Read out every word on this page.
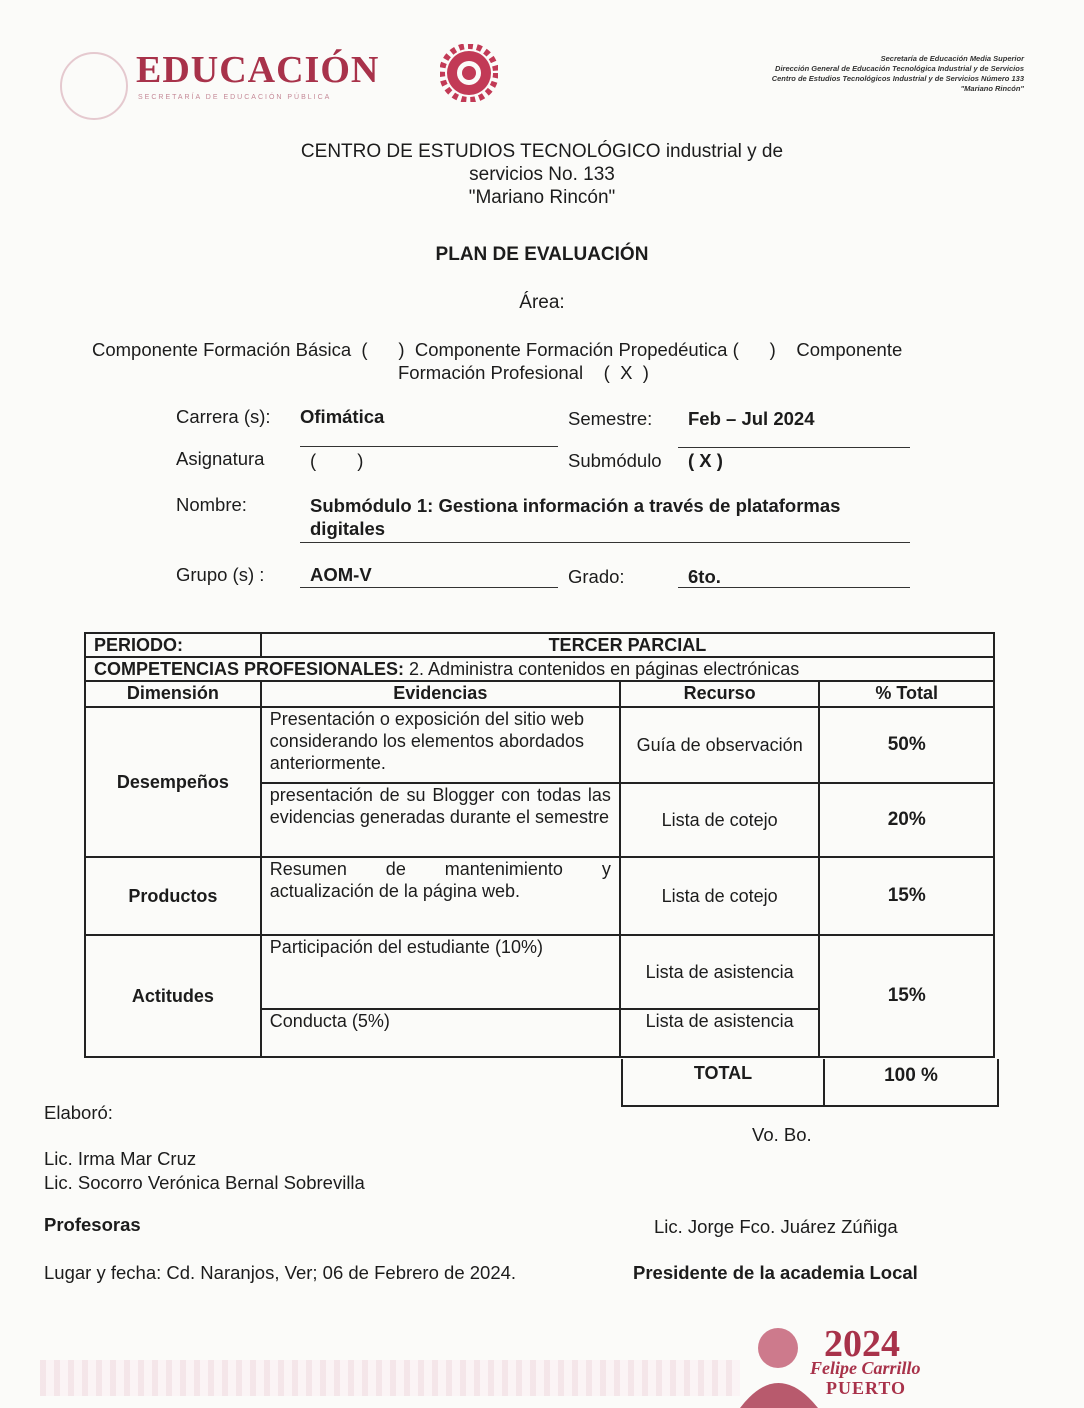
EDUCACIÓN
SECRETARÍA DE EDUCACIÓN PÚBLICA
Secretaría de Educación Media Superior
Dirección General de Educación Tecnológica Industrial y de Servicios
Centro de Estudios Tecnológicos Industrial y de Servicios Número 133
"Mariano Rincón"
CENTRO DE ESTUDIOS TECNOLÓGICO industrial y de
servicios No. 133
"Mariano Rincón"
PLAN DE EVALUACIÓN
Área:
Componente Formación Básica  (      )  Componente Formación Propedéutica (      )    Componente
Formación Profesional    (  X  )
Carrera (s): Ofimática	Semestre:	Feb – Jul 2024
Asignatura (        )	Submódulo ( X )
Nombre:	Submódulo 1: Gestiona información a través de plataformas
digitales
Grupo (s) :	AOM-V	Grado:	6to.
PERIODO:	TERCER PARCIAL		
COMPETENCIAS PROFESIONALES: 2. Administra contenidos en páginas electrónicas			
Dimensión	Evidencias	Recurso	% Total
Desempeños	Presentación o exposición del sitio web considerando los elementos abordados anteriormente.	Guía de observación	50%
	presentación de su Blogger con todas las evidencias generadas durante el semestre	Lista de cotejo	20%
Productos	Resumen de mantenimiento y actualización de la página web.	Lista de cotejo	15%
Actitudes	Participación del estudiante (10%)	Lista de asistencia	15%
	Conducta (5%)	Lista de asistencia	
TOTAL	100 %
Elaboró:
Vo. Bo.
Lic. Irma Mar Cruz
Lic. Socorro Verónica Bernal Sobrevilla
Profesoras	Lic. Jorge Fco. Juárez Zúñiga
Lugar y fecha: Cd. Naranjos, Ver; 06 de Febrero de 2024.	Presidente de la academia Local
2024
Felipe Carrillo
PUERTO
